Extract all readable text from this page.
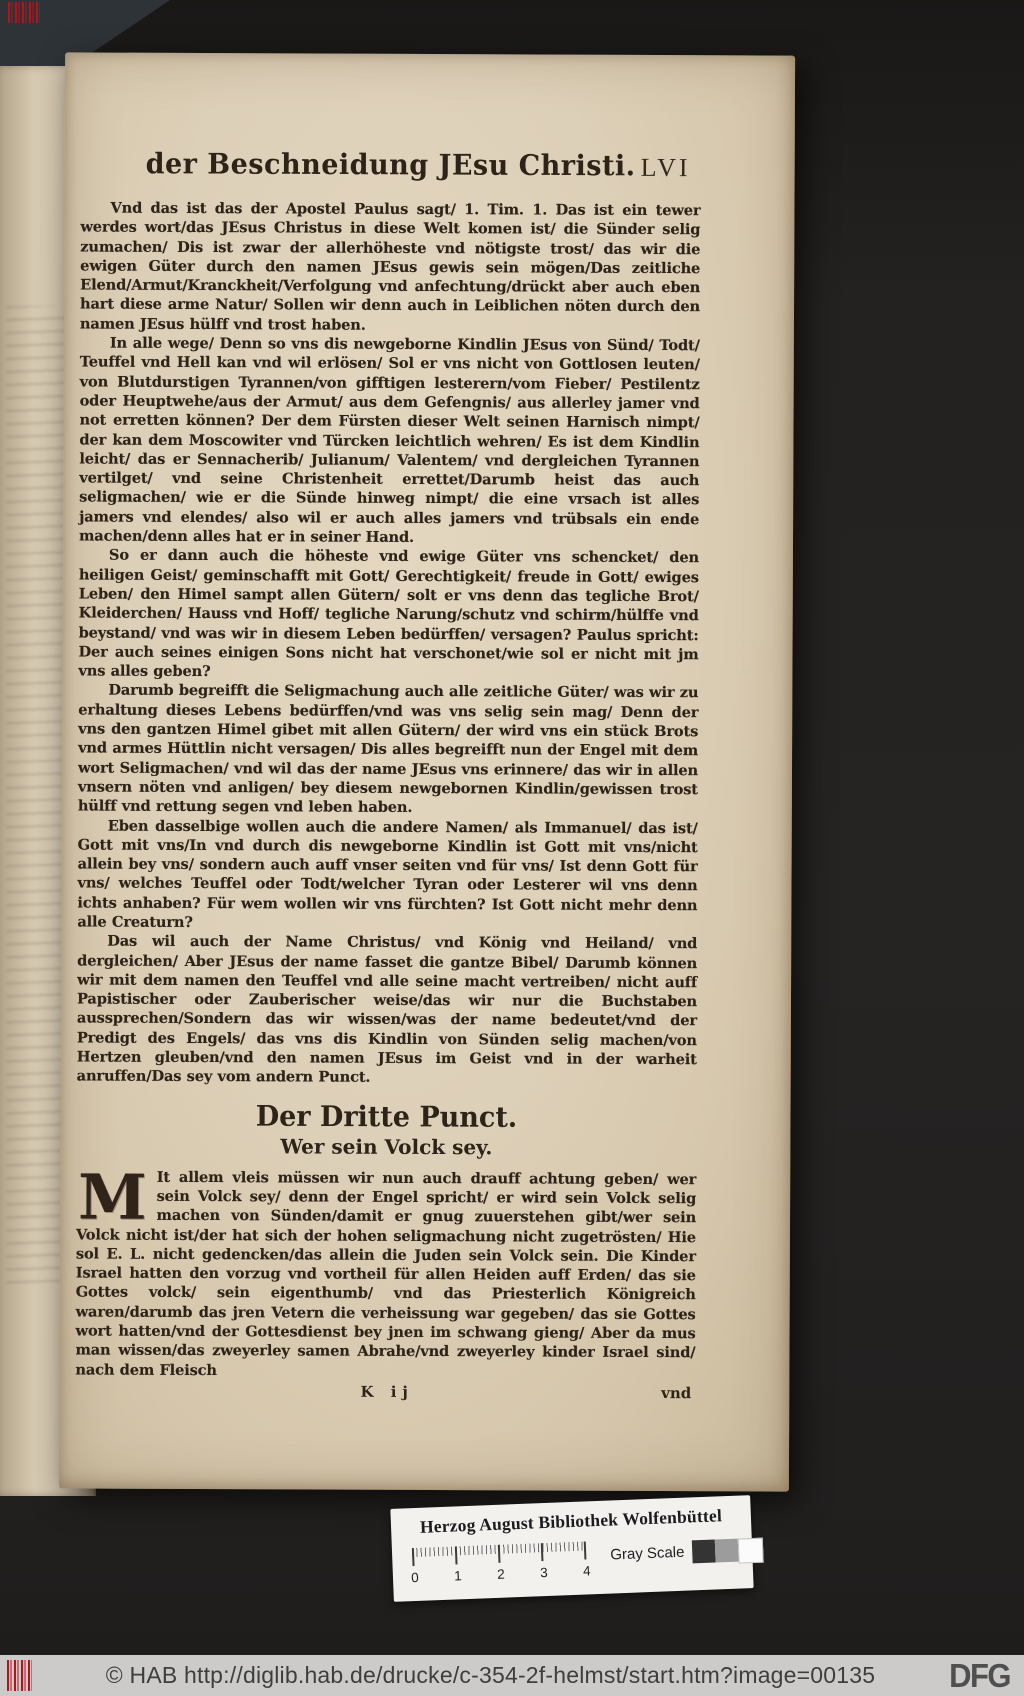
der Beschneidung JEsu Christi. LVI

Vnd das ist das der Apostel Paulus sagt/ 1. Tim. 1. Das ist ein tewer werdes wort/das JEsus Christus in diese Welt komen ist/ die Sünder selig zumachen/ Dis ist zwar der allerhöheste vnd nötigste trost/ das wir die ewigen Güter durch den namen JEsus gewis sein mögen/Das zeitliche Elend/Armut/Kranckheit/Verfolgung vnd anfechtung/drückt aber auch eben hart diese arme Natur/ Sollen wir denn auch in Leiblichen nöten durch den namen JEsus hülff vnd trost haben.

In alle wege/ Denn so vns dis newgeborne Kindlin JEsus von Sünd/ Todt/ Teuffel vnd Hell kan vnd wil erlösen/ Sol er vns nicht von Gottlosen leuten/ von Blutdurstigen Tyrannen/von gifftigen lesterern/vom Fieber/ Pestilentz oder Heuptwehe/aus der Armut/ aus dem Gefengnis/ aus allerley jamer vnd not erretten können? Der dem Fürsten dieser Welt seinen Harnisch nimpt/ der kan dem Moscowiter vnd Türcken leichtlich wehren/ Es ist dem Kindlin leicht/ das er Sennacherib/ Julianum/ Valentem/ vnd dergleichen Tyrannen vertilget/ vnd seine Christenheit errettet/Darumb heist das auch seligmachen/ wie er die Sünde hinweg nimpt/ die eine vrsach ist alles jamers vnd elendes/ also wil er auch alles jamers vnd trübsals ein ende machen/denn alles hat er in seiner Hand.

So er dann auch die höheste vnd ewige Güter vns schencket/ den heiligen Geist/ geminschafft mit Gott/ Gerechtigkeit/ freude in Gott/ ewiges Leben/ den Himel sampt allen Gütern/ solt er vns denn das tegliche Brot/ Kleiderchen/ Hauss vnd Hoff/ tegliche Narung/schutz vnd schirm/hülffe vnd beystand/ vnd was wir in diesem Leben bedürffen/ versagen? Paulus spricht: Der auch seines einigen Sons nicht hat verschonet/wie sol er nicht mit jm vns alles geben?

Darumb begreifft die Seligmachung auch alle zeitliche Güter/ was wir zu erhaltung dieses Lebens bedürffen/vnd was vns selig sein mag/ Denn der vns den gantzen Himel gibet mit allen Gütern/ der wird vns ein stück Brots vnd armes Hüttlin nicht versagen/ Dis alles begreifft nun der Engel mit dem wort Seligmachen/ vnd wil das der name JEsus vns erinnere/ das wir in allen vnsern nöten vnd anligen/ bey diesem newgebornen Kindlin/gewissen trost hülff vnd rettung segen vnd leben haben.

Eben dasselbige wollen auch die andere Namen/ als Immanuel/ das ist/ Gott mit vns/In vnd durch dis newgeborne Kindlin ist Gott mit vns/nicht allein bey vns/ sondern auch auff vnser seiten vnd für vns/ Ist denn Gott für vns/ welches Teuffel oder Todt/welcher Tyran oder Lesterer wil vns denn ichts anhaben? Für wem wollen wir vns fürchten? Ist Gott nicht mehr denn alle Creaturn?

Das wil auch der Name Christus/ vnd König vnd Heiland/ vnd dergleichen/ Aber JEsus der name fasset die gantze Bibel/ Darumb können wir mit dem namen den Teuffel vnd alle seine macht vertreiben/ nicht auff Papistischer oder Zauberischer weise/das wir nur die Buchstaben aussprechen/Sondern das wir wissen/was der name bedeutet/vnd der Predigt des Engels/ das vns dis Kindlin von Sünden selig machen/von Hertzen gleuben/vnd den namen JEsus im Geist vnd in der warheit anruffen/Das sey vom andern Punct.

Der Dritte Punct.
Wer sein Volck sey.

M It allem vleis müssen wir nun auch drauff achtung geben/ wer sein Volck sey/ denn der Engel spricht/ er wird sein Volck selig machen von Sünden/damit er gnug zuuerstehen gibt/wer sein Volck nicht ist/der hat sich der hohen seligmachung nicht zugetrösten/ Hie sol E. L. nicht gedencken/das allein die Juden sein Volck sein. Die Kinder Israel hatten den vorzug vnd vortheil für allen Heiden auff Erden/ das sie Gottes volck/ sein eigenthumb/ vnd das Priesterlich Königreich waren/darumb das jren Vetern die verheissung war gegeben/ das sie Gottes wort hatten/vnd der Gottesdienst bey jnen im schwang gieng/ Aber da mus man wissen/das zweyerley samen Abrahe/vnd zweyerley kinder Israel sind/ nach dem Fleisch

K ij	vnd
Herzog August Bibliothek Wolfenbüttel
0	1	2	3	4
Gray Scale
© HAB http://diglib.hab.de/drucke/c-354-2f-helmst/start.htm?image=00135	DFG
